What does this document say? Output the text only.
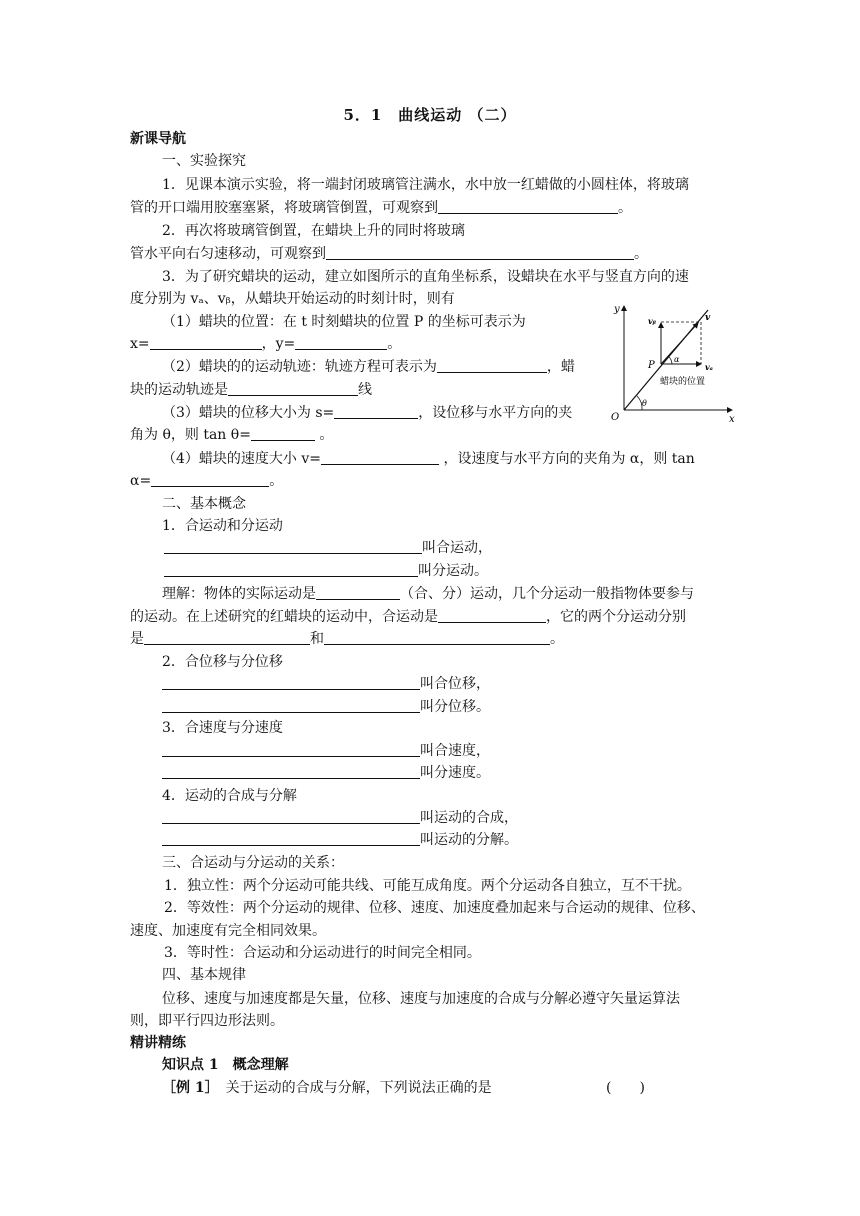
5．1　曲线运动 （二）
新课导航
一、实验探究
1．见课本演示实验，将一端封闭玻璃管注满水，水中放一红蜡做的小圆柱体，将玻璃
管的开口端用胶塞塞紧，将玻璃管倒置，可观察到	。
2．再次将玻璃管倒置，在蜡块上升的同时将玻璃
管水平向右匀速移动，可观察到	。
3．为了研究蜡块的运动，建立如图所示的直角坐标系，设蜡块在水平与竖直方向的速
度分别为 vₐ、vᵦ，从蜡块开始运动的时刻计时，则有
（1）蜡块的位置：在 t 时刻蜡块的位置 P 的坐标可表示为
x=	，y=	。
（2）蜡块的的运动轨迹：轨迹方程可表示为	，蜡
块的运动轨迹是	线
（3）蜡块的位移大小为 s=	，设位移与水平方向的夹
角为 θ，则 tan θ=	。
（4）蜡块的速度大小 v=	，设速度与水平方向的夹角为 α，则 tan
α=	。
y
x
O
P
vᵦ	v
vₐ
α
θ
蜡块的位置
二、基本概念
1．合运动和分运动
叫合运动，
叫分运动。
理解：物体的实际运动是	（合、分）运动，几个分运动一般指物体要参与
的运动。在上述研究的红蜡块的运动中，合运动是	，它的两个分运动分别
是	和	。
2．合位移与分位移
叫合位移，
叫分位移。
3．合速度与分速度
叫合速度，
叫分速度。
4．运动的合成与分解
叫运动的合成，
叫运动的分解。
三、合运动与分运动的关系：
1．独立性：两个分运动可能共线、可能互成角度。两个分运动各自独立，互不干扰。
2．等效性：两个分运动的规律、位移、速度、加速度叠加起来与合运动的规律、位移、
速度、加速度有完全相同效果。
3．等时性：合运动和分运动进行的时间完全相同。
四、基本规律
位移、速度与加速度都是矢量，位移、速度与加速度的合成与分解必遵守矢量运算法
则，即平行四边形法则。
精讲精练
知识点 1　概念理解
［例 1］　 关于运动的合成与分解，下列说法正确的是	(　　)
